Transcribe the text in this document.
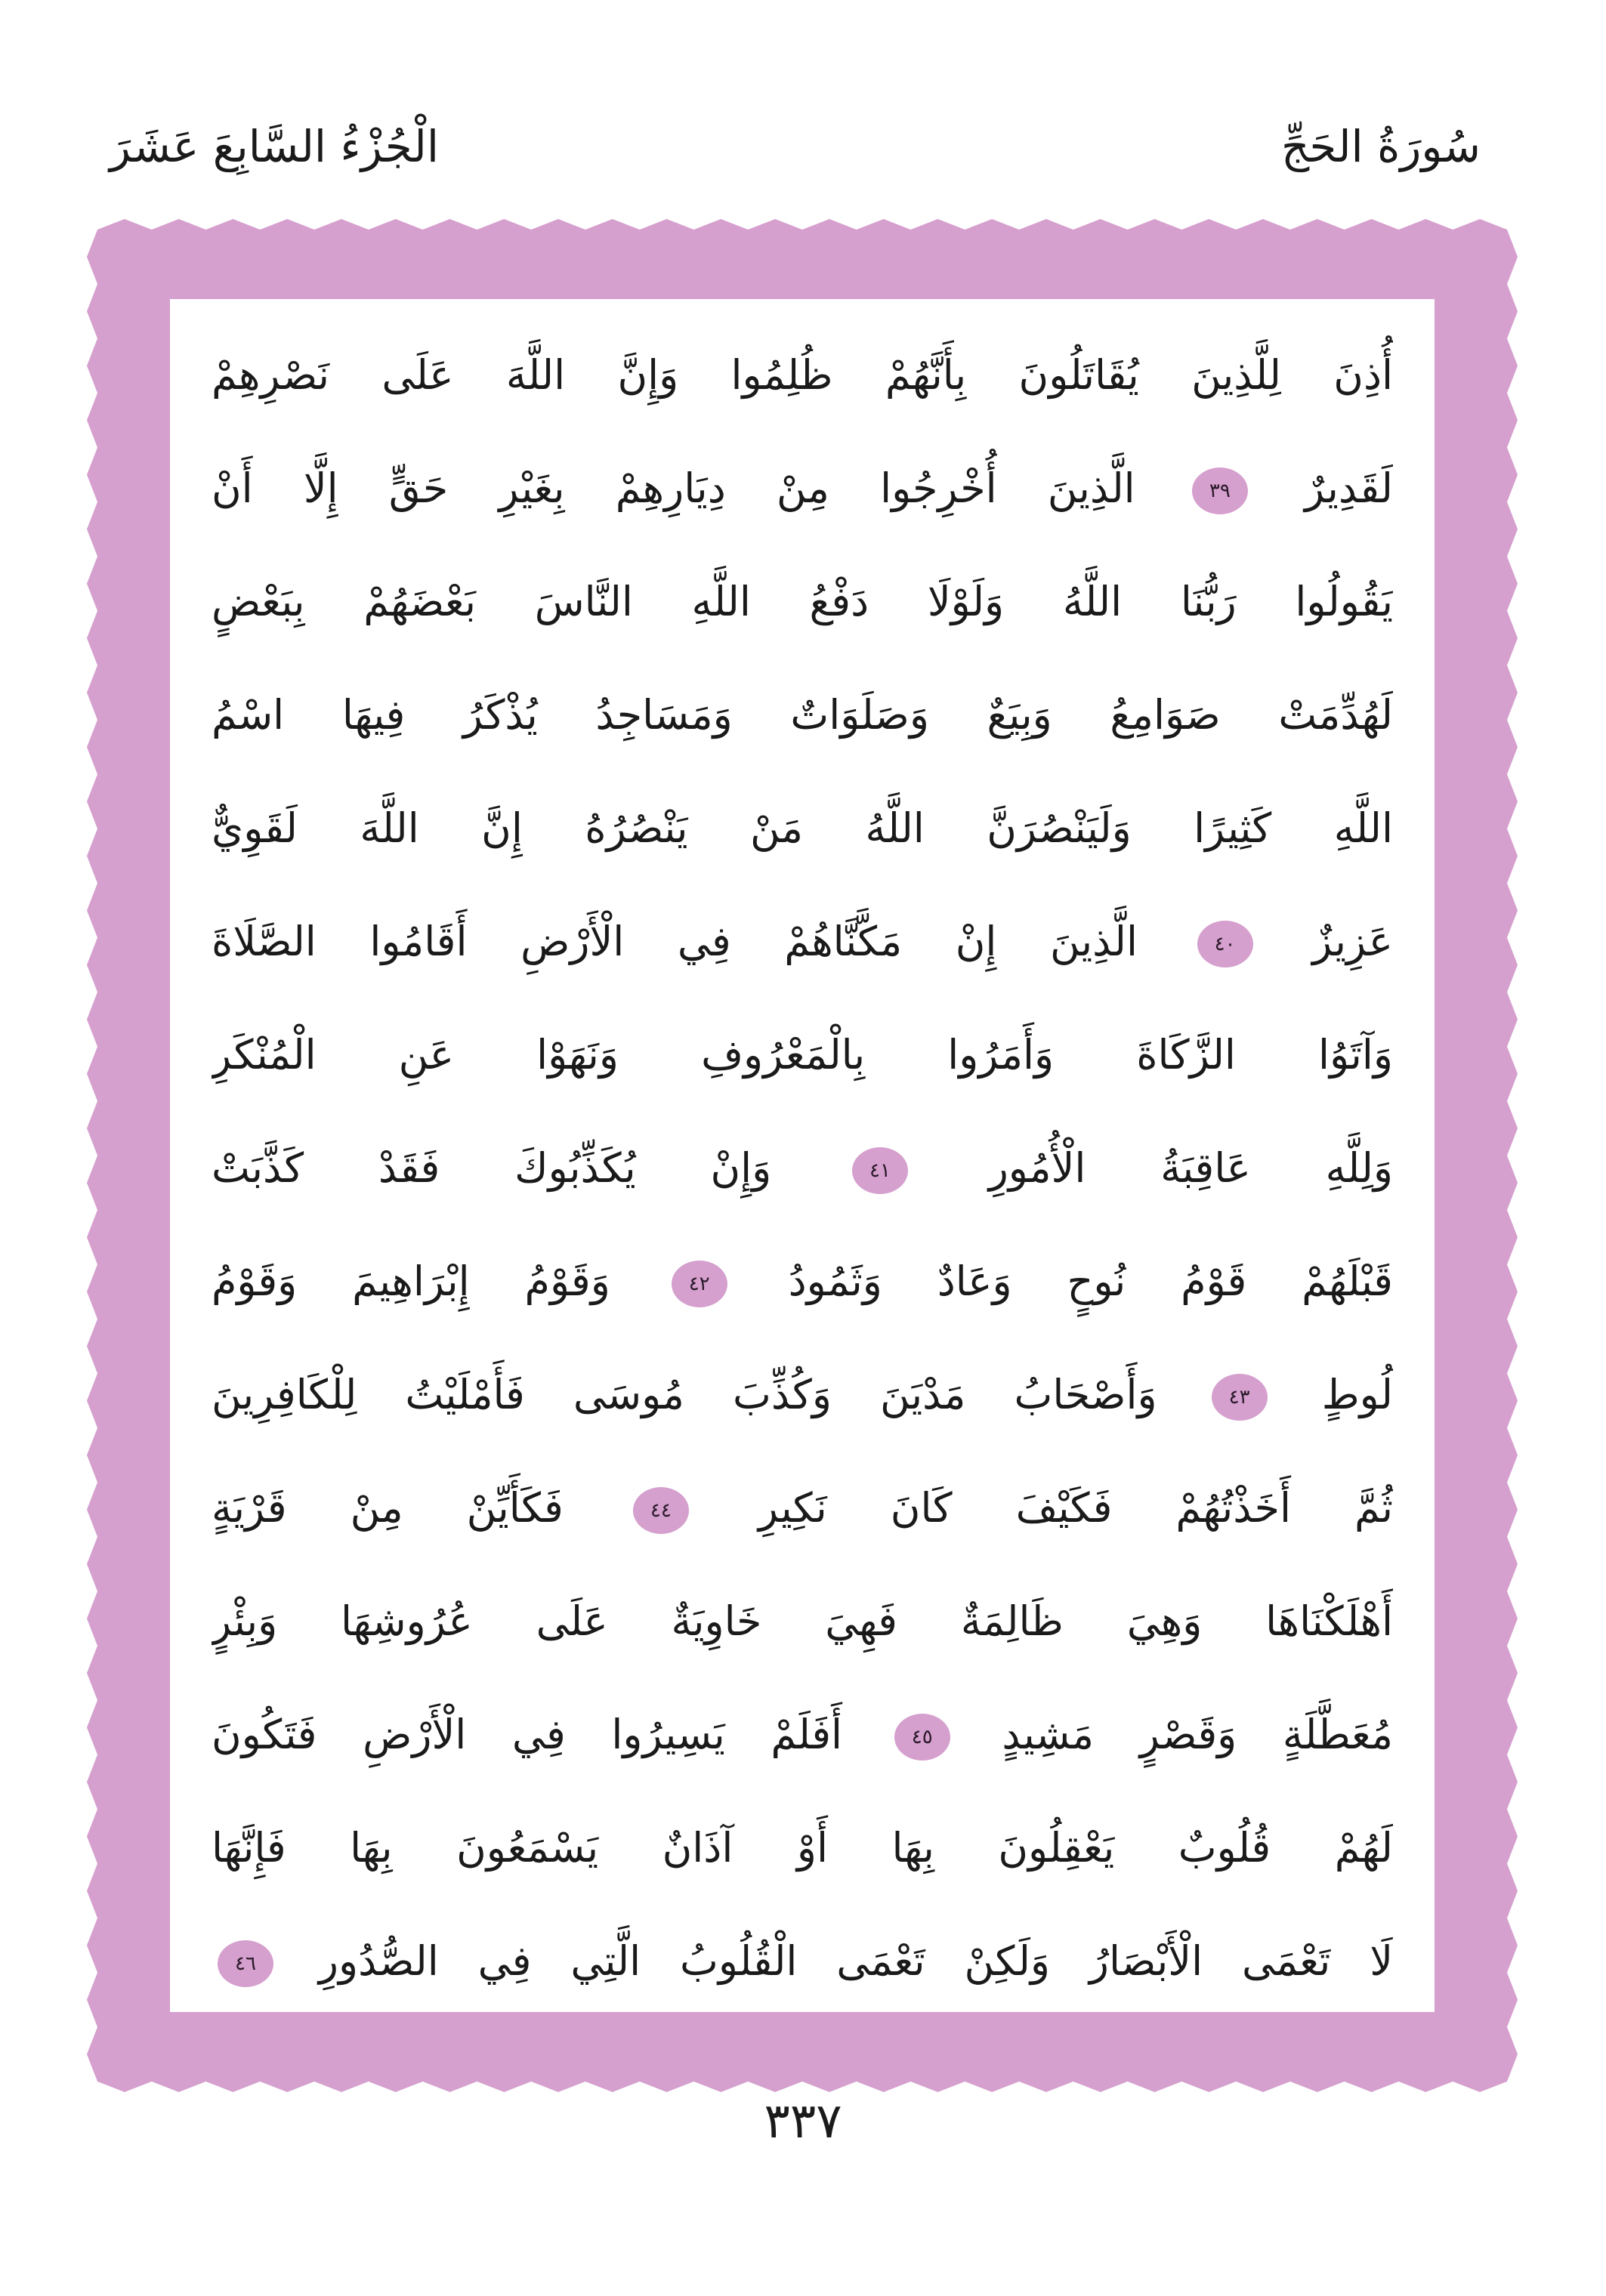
سُورَةُ الحَجِّ
الْجُزْءُ السَّابِعَ عَشَرَ
أُذِنَ لِلَّذِينَ يُقَاتَلُونَ بِأَنَّهُمْ ظُلِمُوا وَإِنَّ اللَّهَ عَلَى نَصْرِهِمْ
لَقَدِيرٌ ٣٩ الَّذِينَ أُخْرِجُوا مِنْ دِيَارِهِمْ بِغَيْرِ حَقٍّ إِلَّا أَنْ
يَقُولُوا رَبُّنَا اللَّهُ وَلَوْلَا دَفْعُ اللَّهِ النَّاسَ بَعْضَهُمْ بِبَعْضٍ
لَهُدِّمَتْ صَوَامِعُ وَبِيَعٌ وَصَلَوَاتٌ وَمَسَاجِدُ يُذْكَرُ فِيهَا اسْمُ
اللَّهِ كَثِيرًا وَلَيَنْصُرَنَّ اللَّهُ مَنْ يَنْصُرُهُ إِنَّ اللَّهَ لَقَوِيٌّ
عَزِيزٌ ٤٠ الَّذِينَ إِنْ مَكَّنَّاهُمْ فِي الْأَرْضِ أَقَامُوا الصَّلَاةَ
وَآتَوُا الزَّكَاةَ وَأَمَرُوا بِالْمَعْرُوفِ وَنَهَوْا عَنِ الْمُنْكَرِ
وَلِلَّهِ عَاقِبَةُ الْأُمُورِ ٤١ وَإِنْ يُكَذِّبُوكَ فَقَدْ كَذَّبَتْ
قَبْلَهُمْ قَوْمُ نُوحٍ وَعَادٌ وَثَمُودُ ٤٢ وَقَوْمُ إِبْرَاهِيمَ وَقَوْمُ
لُوطٍ ٤٣ وَأَصْحَابُ مَدْيَنَ وَكُذِّبَ مُوسَى فَأَمْلَيْتُ لِلْكَافِرِينَ
ثُمَّ أَخَذْتُهُمْ فَكَيْفَ كَانَ نَكِيرِ ٤٤ فَكَأَيِّنْ مِنْ قَرْيَةٍ
أَهْلَكْنَاهَا وَهِيَ ظَالِمَةٌ فَهِيَ خَاوِيَةٌ عَلَى عُرُوشِهَا وَبِئْرٍ
مُعَطَّلَةٍ وَقَصْرٍ مَشِيدٍ ٤٥ أَفَلَمْ يَسِيرُوا فِي الْأَرْضِ فَتَكُونَ
لَهُمْ قُلُوبٌ يَعْقِلُونَ بِهَا أَوْ آذَانٌ يَسْمَعُونَ بِهَا فَإِنَّهَا
لَا تَعْمَى الْأَبْصَارُ وَلَكِنْ تَعْمَى الْقُلُوبُ الَّتِي فِي الصُّدُورِ ٤٦
٣٣٧
